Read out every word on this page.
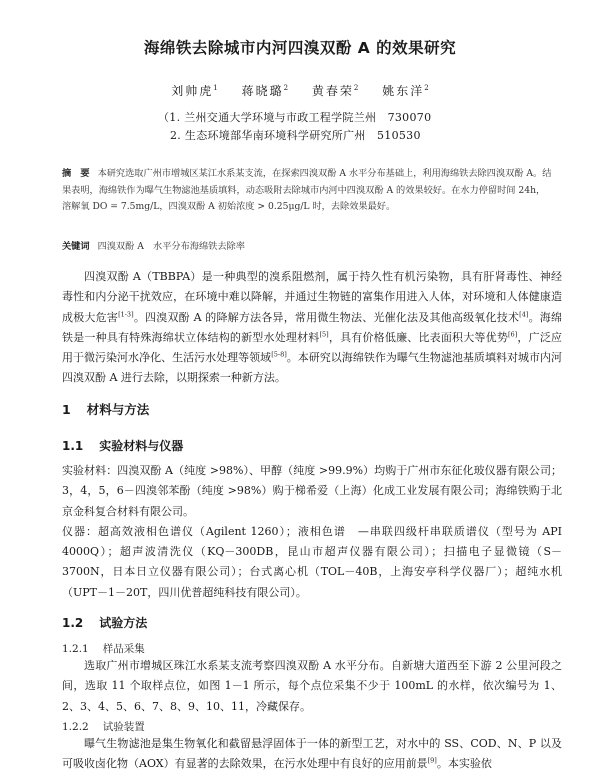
海绵铁去除城市内河四溴双酚 A 的效果研究
刘帅虎$^1$ 蒋晓璐$^2$ 黄春荣$^2$ 姚东洋$^2$
（1. 兰州交通大学环境与市政工程学院兰州　730070
2. 生态环境部华南环境科学研究所广州　510530
摘　要 本研究选取广州市增城区某江水系某支流，在探索四溴双酚 A 水平分布基础上，利用海绵铁去除四溴双酚 A。结果表明，海绵铁作为曝气生物滤池基质填料，动态吸附去除城市内河中四溴双酚 A 的效果较好。在水力停留时间 24h，溶解氧 DO = 7.5mg/L，四溴双酚 A 初始浓度 > 0.25μg/L 时，去除效果最好。
关键词 四溴双酚 A　水平分布海绵铁去除率

四溴双酚 A（TBBPA）是一种典型的溴系阻燃剂，属于持久性有机污染物，具有肝肾毒性、神经毒性和内分泌干扰效应，在环境中难以降解，并通过生物链的富集作用进入人体，对环境和人体健康造成极大危害[1-3]。四溴双酚 A 的降解方法各异，常用微生物法、光催化法及其他高级氧化技术[4]。海绵铁是一种具有特殊海绵状立体结构的新型水处理材料[5]，具有价格低廉、比表面积大等优势[6]，广泛应用于微污染河水净化、生活污水处理等领域[5-8]。本研究以海绵铁作为曝气生物滤池基质填料对城市内河四溴双酚 A 进行去除，以期探索一种新方法。

1 材料与方法
1.1 实验材料与仪器

实验材料：四溴双酚 A（纯度 >98%）、甲醇（纯度 >99.9%）均购于广州市东征化玻仪器有限公司；3，4，5，6－四溴邻苯酚（纯度 >98%）购于梯希爱（上海）化成工业发展有限公司；海绵铁购于北京金科复合材料有限公司。

仪器：超高效液相色谱仪（Agilent 1260）；液相色谱　—串联四级杆串联质谱仪（型号为 API 4000Q）；超声波清洗仪（KQ－300DB，昆山市超声仪器有限公司）；扫描电子显微镜（S－3700N，日本日立仪器有限公司）；台式离心机（TOL－40B，上海安亭科学仪器厂）；超纯水机（UPT－1－20T，四川优普超纯科技有限公司）。

1.2 试验方法
1.2.1 样品采集

选取广州市增城区珠江水系某支流考察四溴双酚 A 水平分布。自新塘大道西至下游 2 公里河段之间，选取 11 个取样点位，如图 1－1 所示，每个点位采集不少于 100mL 的水样，依次编号为 1、2、3、4、5、6、7、8、9、10、11，冷藏保存。

1.2.2 试验装置

曝气生物滤池是集生物氧化和截留悬浮固体于一体的新型工艺，对水中的 SS、COD、N、P 以及可吸收卤化物（AOX）有显著的去除效果，在污水处理中有良好的应用前景[9]。本实验依
